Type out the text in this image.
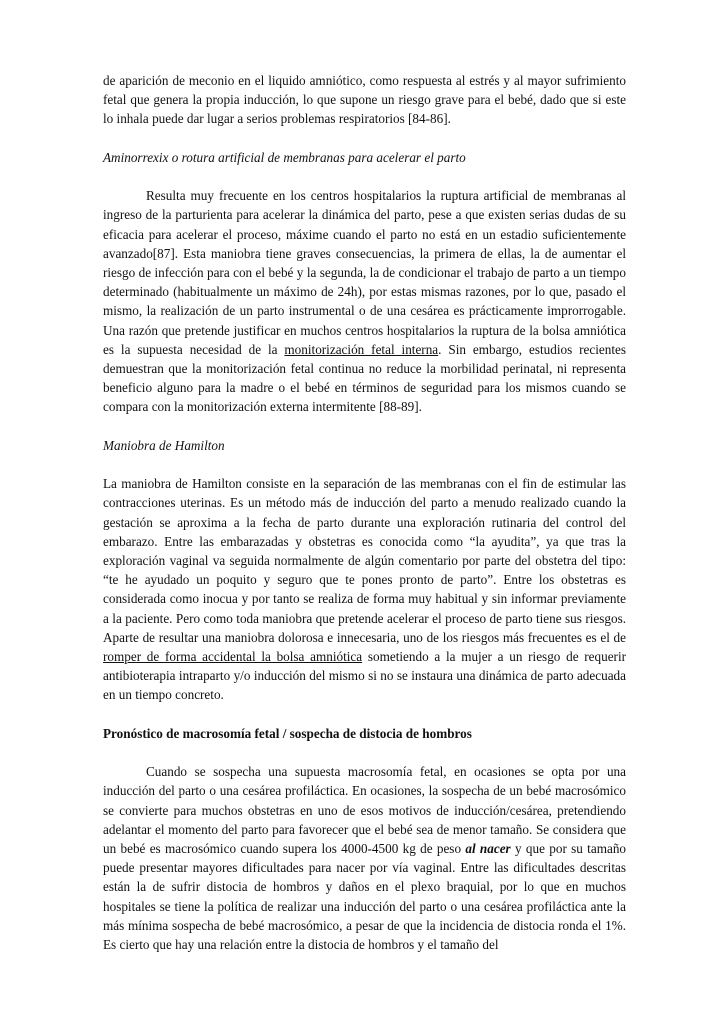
de aparición de meconio en el liquido amniótico, como respuesta al estrés y al mayor sufrimiento fetal que genera la propia inducción, lo que supone un riesgo grave para el bebé, dado que si este lo inhala puede dar lugar a serios problemas respiratorios [84-86].

Aminorrexix o rotura artificial de membranas para acelerar el parto

Resulta muy frecuente en los centros hospitalarios la ruptura artificial de membranas al ingreso de la parturienta para acelerar la dinámica del parto, pese a que existen serias dudas de su eficacia para acelerar el proceso, máxime cuando el parto no está en un estadio suficientemente avanzado[87]. Esta maniobra tiene graves consecuencias, la primera de ellas, la de aumentar el riesgo de infección para con el bebé y la segunda, la de condicionar el trabajo de parto a un tiempo determinado (habitualmente un máximo de 24h), por estas mismas razones, por lo que, pasado el mismo, la realización de un parto instrumental o de una cesárea es prácticamente improrrogable. Una razón que pretende justificar en muchos centros hospitalarios la ruptura de la bolsa amniótica es la supuesta necesidad de la monitorización fetal interna. Sin embargo, estudios recientes demuestran que la monitorización fetal continua no reduce la morbilidad perinatal, ni representa beneficio alguno para la madre o el bebé en términos de seguridad para los mismos cuando se compara con la monitorización externa intermitente [88-89].

Maniobra de Hamilton

La maniobra de Hamilton consiste en la separación de las membranas con el fin de estimular las contracciones uterinas. Es un método más de inducción del parto a menudo realizado cuando la gestación se aproxima a la fecha de parto durante una exploración rutinaria del control del embarazo. Entre las embarazadas y obstetras es conocida como “la ayudita”, ya que tras la exploración vaginal va seguida normalmente de algún comentario por parte del obstetra del tipo: “te he ayudado un poquito y seguro que te pones pronto de parto”. Entre los obstetras es considerada como inocua y por tanto se realiza de forma muy habitual y sin informar previamente a la paciente. Pero como toda maniobra que pretende acelerar el proceso de parto tiene sus riesgos. Aparte de resultar una maniobra dolorosa e innecesaria, uno de los riesgos más frecuentes es el de romper de forma accidental la bolsa amniótica sometiendo a la mujer a un riesgo de requerir antibioterapia intraparto y/o inducción del mismo si no se instaura una dinámica de parto adecuada en un tiempo concreto.

Pronóstico de macrosomía fetal / sospecha de distocia de hombros

Cuando se sospecha una supuesta macrosomía fetal, en ocasiones se opta por una inducción del parto o una cesárea profiláctica. En ocasiones, la sospecha de un bebé macrosómico se convierte para muchos obstetras en uno de esos motivos de inducción/cesárea, pretendiendo adelantar el momento del parto para favorecer que el bebé sea de menor tamaño. Se considera que un bebé es macrosómico cuando supera los 4000-4500 kg de peso al nacer y que por su tamaño puede presentar mayores dificultades para nacer por vía vaginal. Entre las dificultades descritas están la de sufrir distocia de hombros y daños en el plexo braquial, por lo que en muchos hospitales se tiene la política de realizar una inducción del parto o una cesárea profiláctica ante la más mínima sospecha de bebé macrosómico, a pesar de que la incidencia de distocia ronda el 1%. Es cierto que hay una relación entre la distocia de hombros y el tamaño del
